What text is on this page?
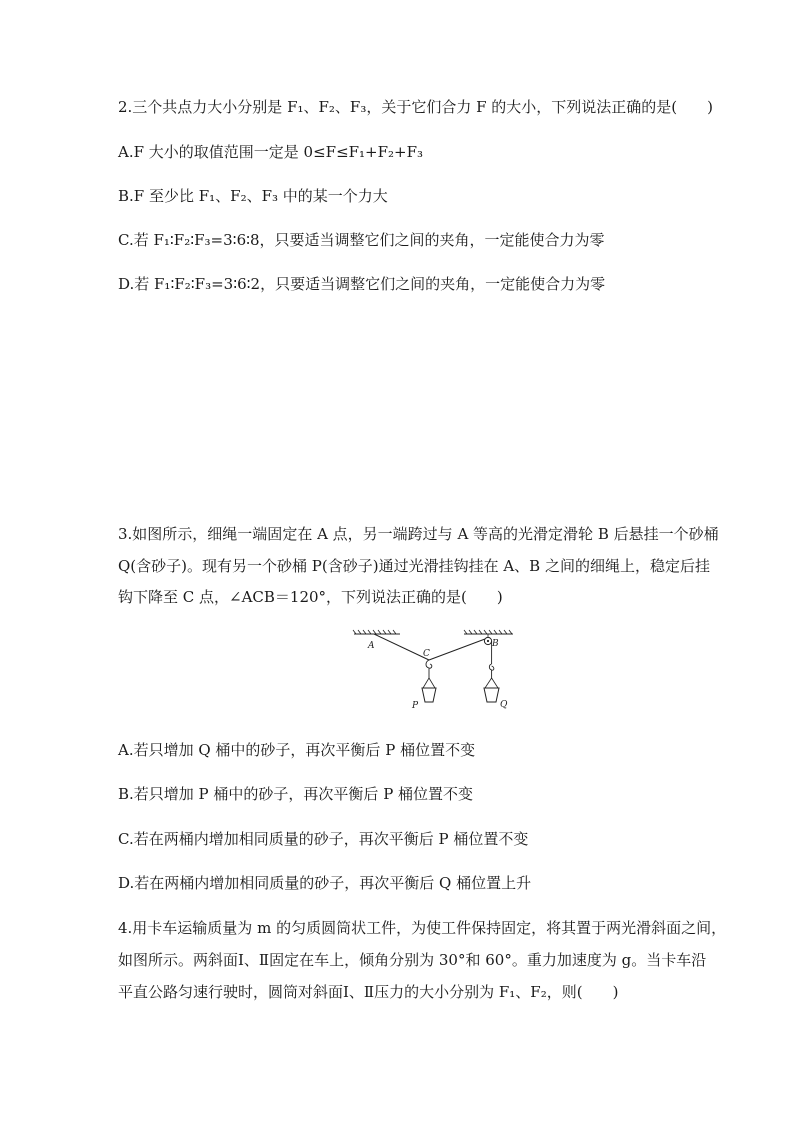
2.三个共点力大小分别是 F₁、F₂、F₃，关于它们合力 F 的大小，下列说法正确的是(　　)
A.F 大小的取值范围一定是 0≤F≤F₁+F₂+F₃
B.F 至少比 F₁、F₂、F₃ 中的某一个力大
C.若 F₁∶F₂∶F₃=3∶6∶8，只要适当调整它们之间的夹角，一定能使合力为零
D.若 F₁∶F₂∶F₃=3∶6∶2，只要适当调整它们之间的夹角，一定能使合力为零
3.如图所示，细绳一端固定在 A 点，另一端跨过与 A 等高的光滑定滑轮 B 后悬挂一个砂桶
Q(含砂子)。现有另一个砂桶 P(含砂子)通过光滑挂钩挂在 A、B 之间的细绳上，稳定后挂
钩下降至 C 点，∠ACB＝120°，下列说法正确的是(　　)
A	B
C
P	Q
A.若只增加 Q 桶中的砂子，再次平衡后 P 桶位置不变
B.若只增加 P 桶中的砂子，再次平衡后 P 桶位置不变
C.若在两桶内增加相同质量的砂子，再次平衡后 P 桶位置不变
D.若在两桶内增加相同质量的砂子，再次平衡后 Q 桶位置上升
4.用卡车运输质量为 m 的匀质圆筒状工件，为使工件保持固定，将其置于两光滑斜面之间，
如图所示。两斜面Ⅰ、Ⅱ固定在车上，倾角分别为 30°和 60°。重力加速度为 g。当卡车沿
平直公路匀速行驶时，圆筒对斜面Ⅰ、Ⅱ压力的大小分别为 F₁、F₂，则(　　)
